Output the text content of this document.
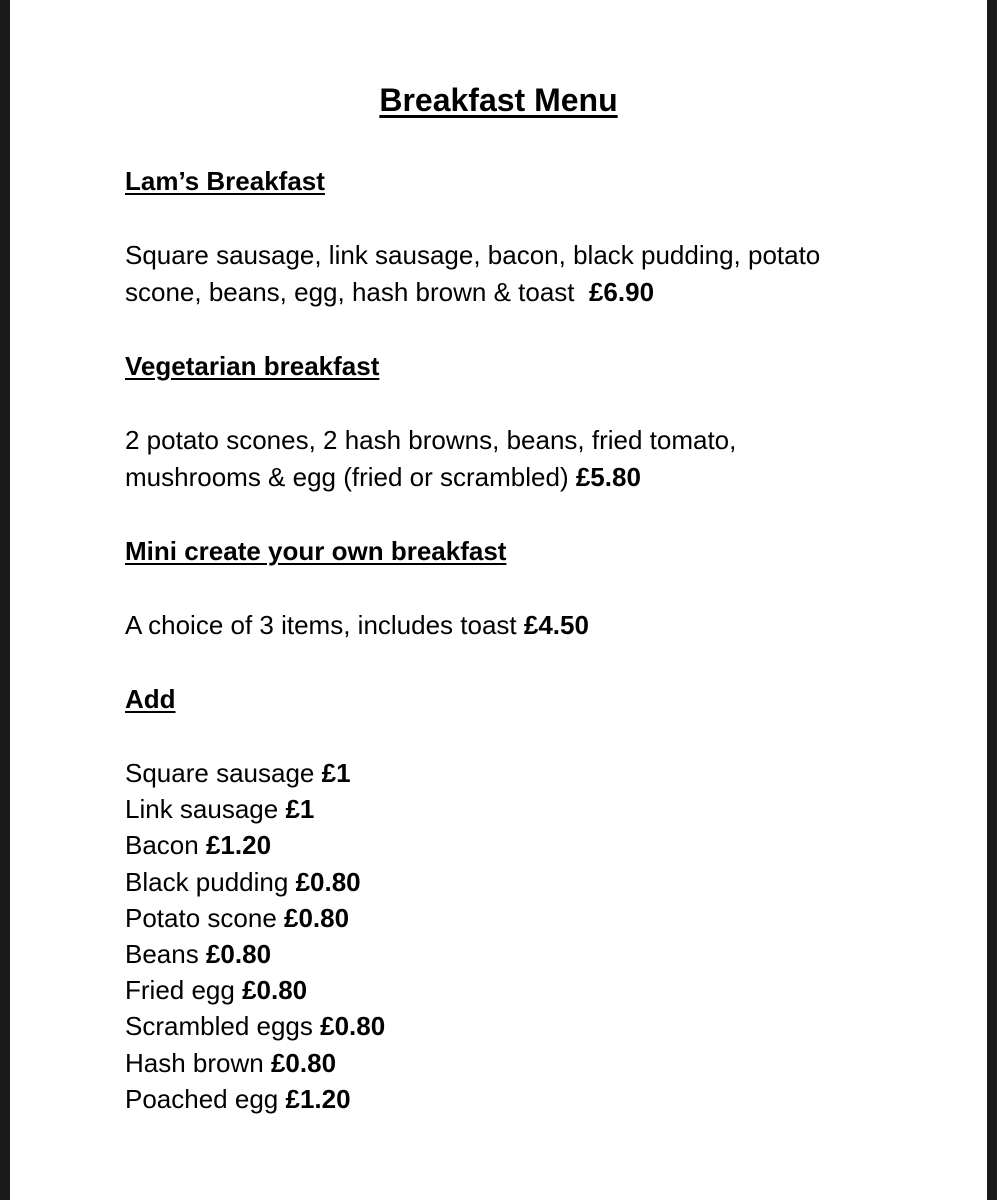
Breakfast Menu
Lam’s Breakfast
Square sausage, link sausage, bacon, black pudding, potato
scone, beans, egg, hash brown & toast £6.90
Vegetarian breakfast
2 potato scones, 2 hash browns, beans, fried tomato,
mushrooms & egg (fried or scrambled) £5.80
Mini create your own breakfast
A choice of 3 items, includes toast £4.50
Add
Square sausage £1
Link sausage £1
Bacon £1.20
Black pudding £0.80
Potato scone £0.80
Beans £0.80
Fried egg £0.80
Scrambled eggs £0.80
Hash brown £0.80
Poached egg £1.20
